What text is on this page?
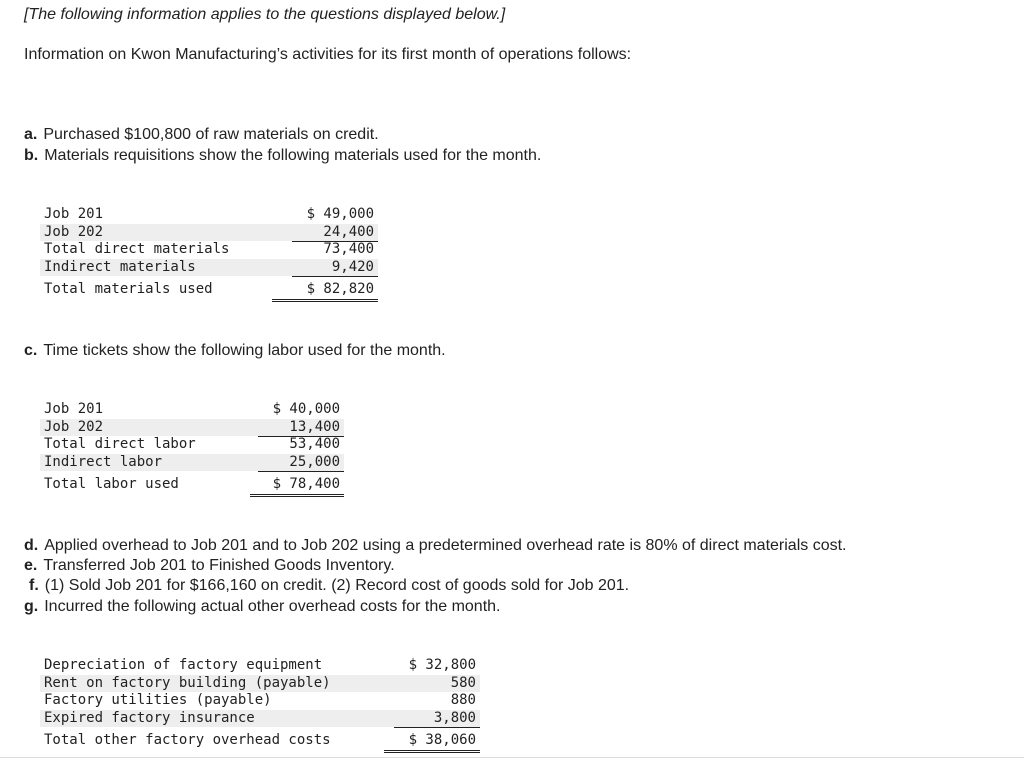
[The following information applies to the questions displayed below.]
Information on Kwon Manufacturing’s activities for its first month of operations follows:
a. Purchased $100,800 of raw materials on credit.
b. Materials requisitions show the following materials used for the month.
Job 201	$ 49,000
Job 202	24,400
Total direct materials	73,400
Indirect materials	9,420
Total materials used	$ 82,820
c. Time tickets show the following labor used for the month.
Job 201	$ 40,000
Job 202	13,400
Total direct labor	53,400
Indirect labor	25,000
Total labor used	$ 78,400
d. Applied overhead to Job 201 and to Job 202 using a predetermined overhead rate is 80% of direct materials cost.
e. Transferred Job 201 to Finished Goods Inventory.
f. (1) Sold Job 201 for $166,160 on credit. (2) Record cost of goods sold for Job 201.
g. Incurred the following actual other overhead costs for the month.
Depreciation of factory equipment	$ 32,800
Rent on factory building (payable)	580
Factory utilities (payable)	880
Expired factory insurance	3,800
Total other factory overhead costs	$ 38,060
